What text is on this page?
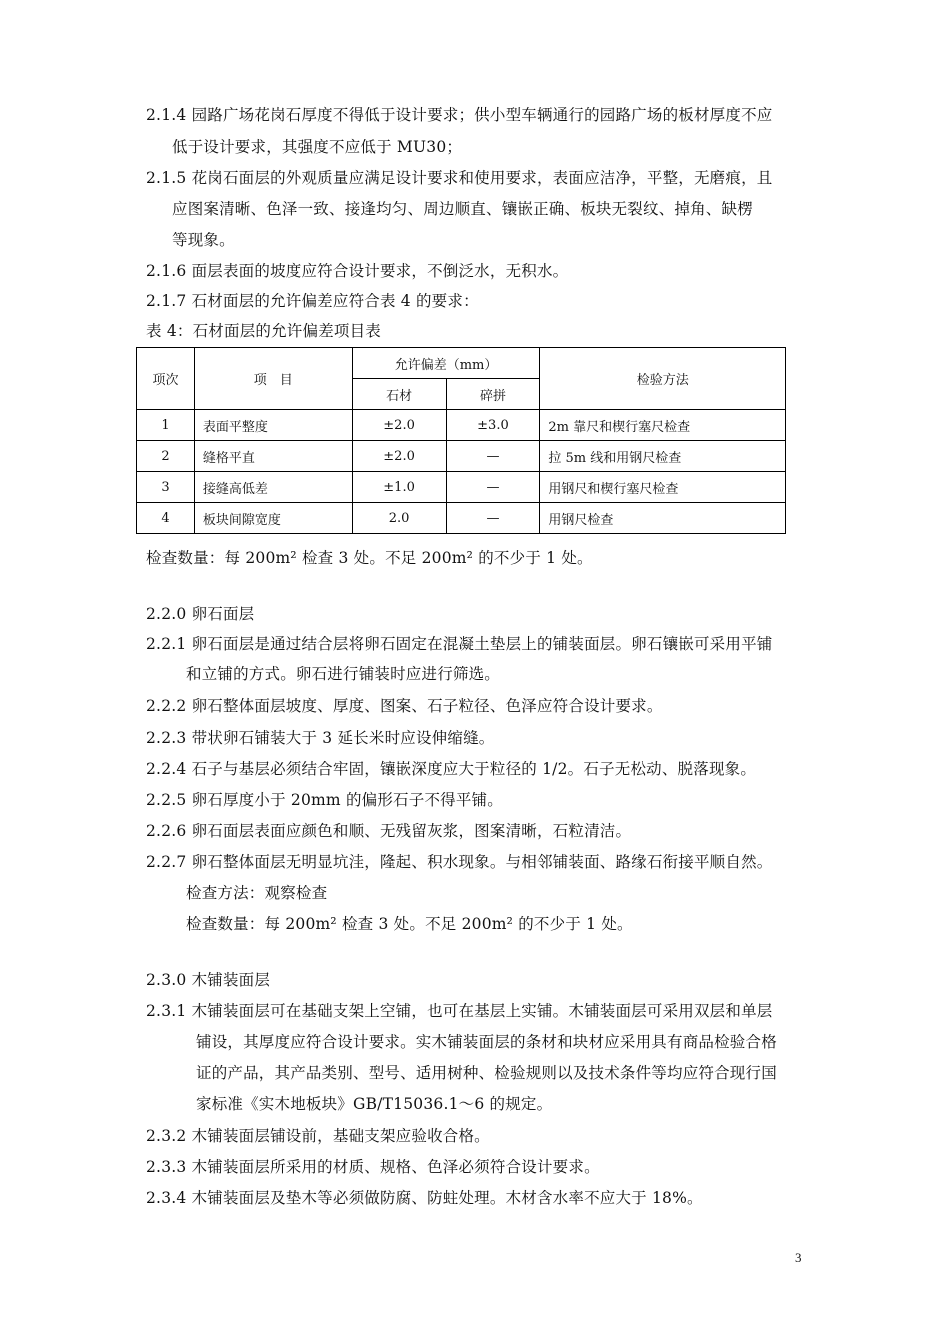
2.1.4 园路广场花岗石厚度不得低于设计要求；供小型车辆通行的园路广场的板材厚度不应
低于设计要求，其强度不应低于 MU30；
2.1.5 花岗石面层的外观质量应满足设计要求和使用要求，表面应洁净，平整，无磨痕，且
应图案清晰、色泽一致、接逢均匀、周边顺直、镶嵌正确、板块无裂纹、掉角、缺楞
等现象。
2.1.6 面层表面的坡度应符合设计要求，不倒泛水，无积水。
2.1.7 石材面层的允许偏差应符合表 4 的要求：
表 4：石材面层的允许偏差项目表
项次	项　目	允许偏差（mm）		检验方法
		石材	碎拼	
1	表面平整度	±2.0	±3.0	2m 靠尺和楔行塞尺检查
2	缝格平直	±2.0	—	拉 5m 线和用钢尺检查
3	接缝高低差	±1.0	—	用钢尺和楔行塞尺检查
4	板块间隙宽度	2.0	—	用钢尺检查
检查数量：每 200m² 检查 3 处。不足 200m² 的不少于 1 处。
2.2.0 卵石面层
2.2.1 卵石面层是通过结合层将卵石固定在混凝土垫层上的铺装面层。卵石镶嵌可采用平铺
和立铺的方式。卵石进行铺装时应进行筛选。
2.2.2 卵石整体面层坡度、厚度、图案、石子粒径、色泽应符合设计要求。
2.2.3 带状卵石铺装大于 3 延长米时应设伸缩缝。
2.2.4 石子与基层必须结合牢固，镶嵌深度应大于粒径的 1/2。石子无松动、脱落现象。
2.2.5 卵石厚度小于 20mm 的偏形石子不得平铺。
2.2.6 卵石面层表面应颜色和顺、无残留灰浆，图案清晰，石粒清洁。
2.2.7 卵石整体面层无明显坑洼，隆起、积水现象。与相邻铺装面、路缘石衔接平顺自然。
检查方法：观察检查
检查数量：每 200m² 检查 3 处。不足 200m² 的不少于 1 处。
2.3.0 木铺装面层
2.3.1 木铺装面层可在基础支架上空铺，也可在基层上实铺。木铺装面层可采用双层和单层
铺设，其厚度应符合设计要求。实木铺装面层的条材和块材应采用具有商品检验合格
证的产品，其产品类别、型号、适用树种、检验规则以及技术条件等均应符合现行国
家标准《实木地板块》GB/T15036.1～6 的规定。
2.3.2 木铺装面层铺设前，基础支架应验收合格。
2.3.3 木铺装面层所采用的材质、规格、色泽必须符合设计要求。
2.3.4 木铺装面层及垫木等必须做防腐、防蛀处理。木材含水率不应大于 18%。
3
